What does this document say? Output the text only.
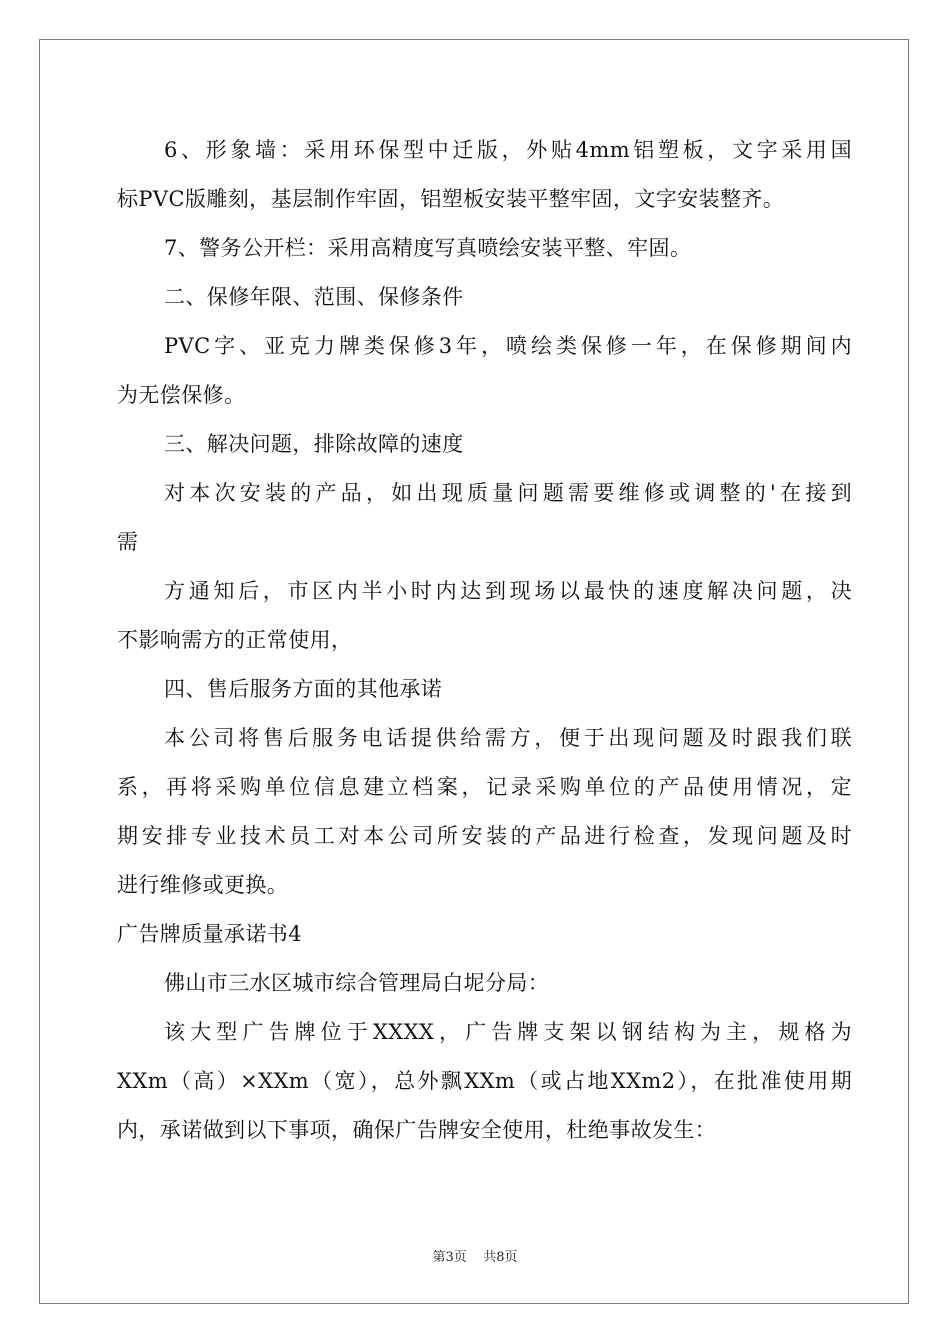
6、形象墙：采用环保型中迁版，外贴4mm铝塑板，文字采用国
标PVC版雕刻，基层制作牢固，铝塑板安装平整牢固，文字安装整齐。
7、警务公开栏：采用高精度写真喷绘安装平整、牢固。
二、保修年限、范围、保修条件
PVC字、亚克力牌类保修3年，喷绘类保修一年，在保修期间内
为无偿保修。
三、解决问题，排除故障的速度
对本次安装的产品，如出现质量问题需要维修或调整的'在接到
需
方通知后，市区内半小时内达到现场以最快的速度解决问题，决
不影响需方的正常使用，
四、售后服务方面的其他承诺
本公司将售后服务电话提供给需方，便于出现问题及时跟我们联
系，再将采购单位信息建立档案，记录采购单位的产品使用情况，定
期安排专业技术员工对本公司所安装的产品进行检查，发现问题及时
进行维修或更换。
广告牌质量承诺书4
佛山市三水区城市综合管理局白坭分局：
该大型广告牌位于XXXX，广告牌支架以钢结构为主，规格为
XXm（高）×XXm（宽），总外飘XXm（或占地XXm2），在批准使用期
内，承诺做到以下事项，确保广告牌安全使用，杜绝事故发生：
第3页 共8页
